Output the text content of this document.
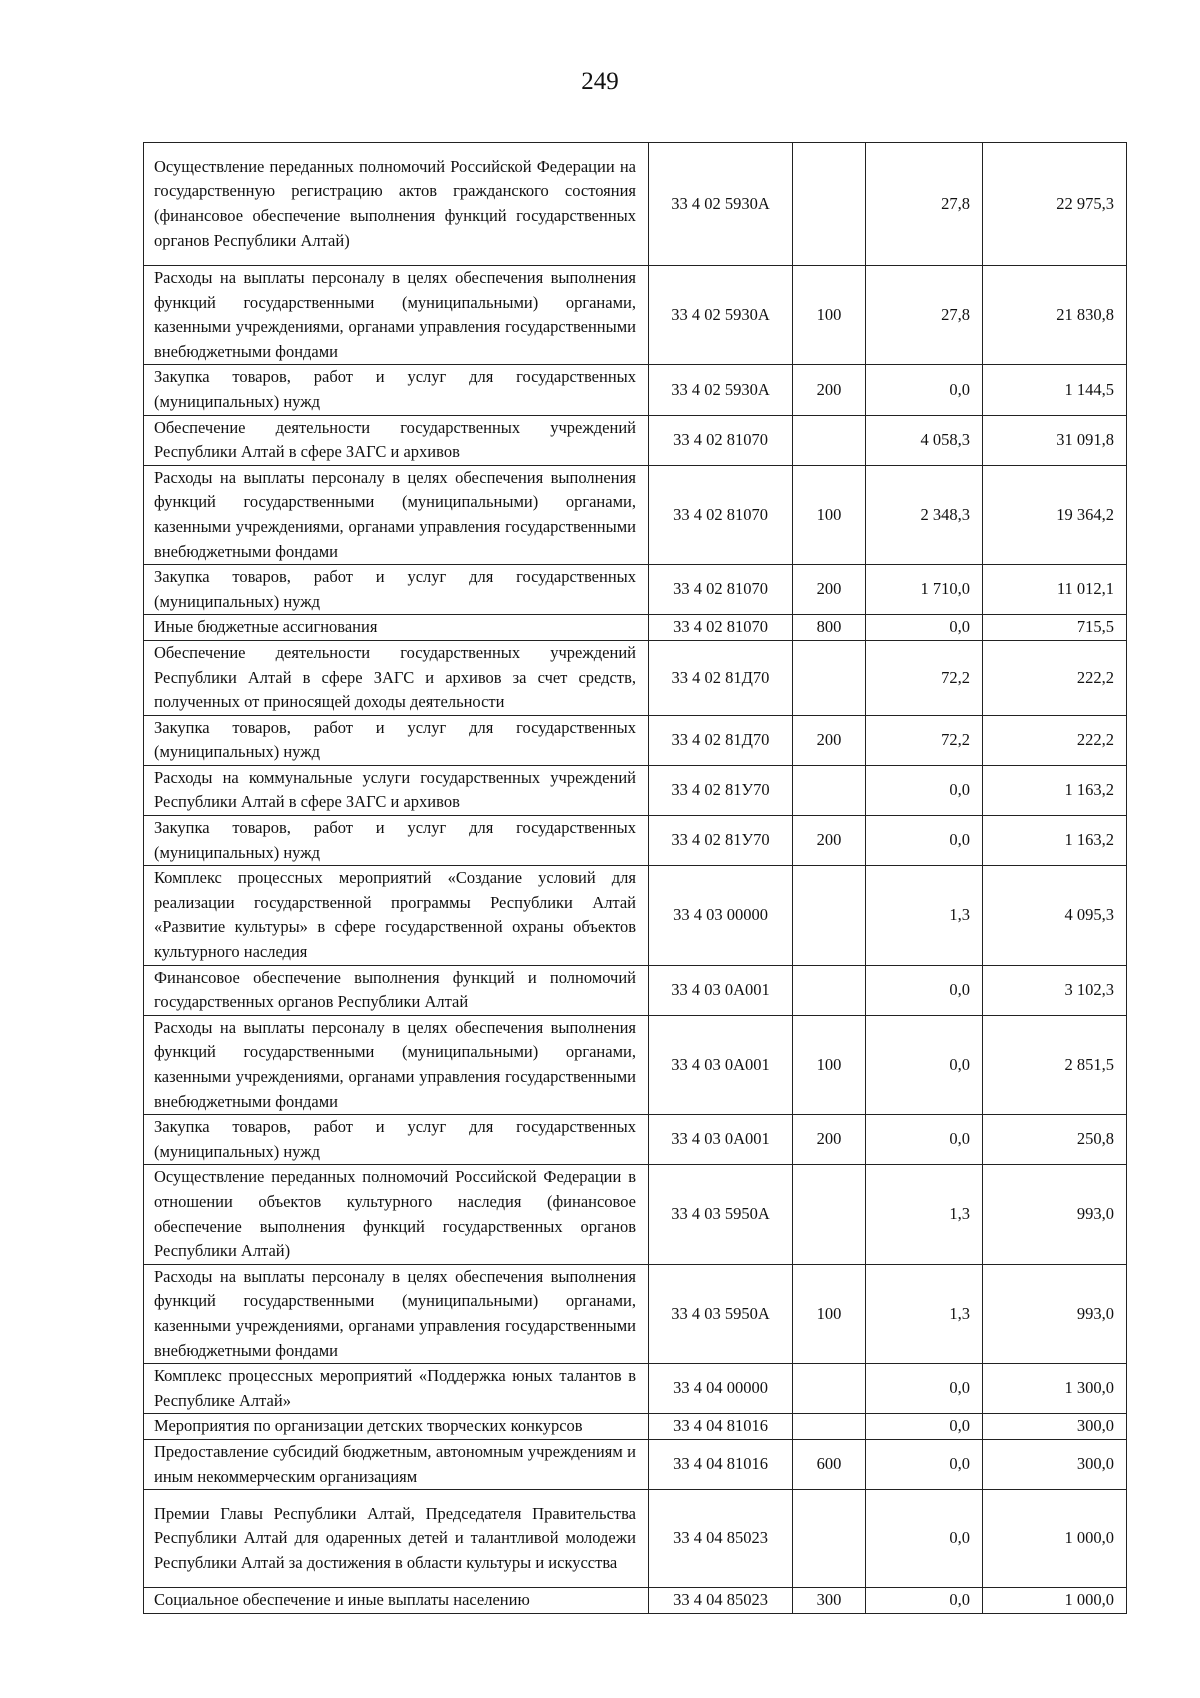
249
Осуществление переданных полномочий Российской Федерации на государственную регистрацию актов гражданского состояния (финансовое обеспечение выполнения функций государственных органов Республики Алтай)	33 4 02 5930А		27,8	22 975,3
Расходы на выплаты персоналу в целях обеспечения выполнения функций государственными (муниципальными) органами, казенными учреждениями, органами управления государственными внебюджетными фондами	33 4 02 5930А	100	27,8	21 830,8
Закупка товаров, работ и услуг для государственных (муниципальных) нужд	33 4 02 5930А	200	0,0	1 144,5
Обеспечение деятельности государственных учреждений Республики Алтай в сфере ЗАГС и архивов	33 4 02 81070		4 058,3	31 091,8
Расходы на выплаты персоналу в целях обеспечения выполнения функций государственными (муниципальными) органами, казенными учреждениями, органами управления государственными внебюджетными фондами	33 4 02 81070	100	2 348,3	19 364,2
Закупка товаров, работ и услуг для государственных (муниципальных) нужд	33 4 02 81070	200	1 710,0	11 012,1
Иные бюджетные ассигнования	33 4 02 81070	800	0,0	715,5
Обеспечение деятельности государственных учреждений Республики Алтай в сфере ЗАГС и архивов за счет средств, полученных от приносящей доходы деятельности	33 4 02 81Д70		72,2	222,2
Закупка товаров, работ и услуг для государственных (муниципальных) нужд	33 4 02 81Д70	200	72,2	222,2
Расходы на коммунальные услуги государственных учреждений Республики Алтай в сфере ЗАГС и архивов	33 4 02 81У70		0,0	1 163,2
Закупка товаров, работ и услуг для государственных (муниципальных) нужд	33 4 02 81У70	200	0,0	1 163,2
Комплекс процессных мероприятий «Создание условий для реализации государственной программы Республики Алтай «Развитие культуры» в сфере государственной охраны объектов культурного наследия	33 4 03 00000		1,3	4 095,3
Финансовое обеспечение выполнения функций и полномочий государственных органов Республики Алтай	33 4 03 0А001		0,0	3 102,3
Расходы на выплаты персоналу в целях обеспечения выполнения функций государственными (муниципальными) органами, казенными учреждениями, органами управления государственными внебюджетными фондами	33 4 03 0А001	100	0,0	2 851,5
Закупка товаров, работ и услуг для государственных (муниципальных) нужд	33 4 03 0А001	200	0,0	250,8
Осуществление переданных полномочий Российской Федерации в отношении объектов культурного наследия (финансовое обеспечение выполнения функций государственных органов Республики Алтай)	33 4 03 5950А		1,3	993,0
Расходы на выплаты персоналу в целях обеспечения выполнения функций государственными (муниципальными) органами, казенными учреждениями, органами управления государственными внебюджетными фондами	33 4 03 5950А	100	1,3	993,0
Комплекс процессных мероприятий «Поддержка юных талантов в Республике Алтай»	33 4 04 00000		0,0	1 300,0
Мероприятия по организации детских творческих конкурсов	33 4 04 81016		0,0	300,0
Предоставление субсидий бюджетным, автономным учреждениям и иным некоммерческим организациям	33 4 04 81016	600	0,0	300,0
Премии Главы Республики Алтай, Председателя Правительства Республики Алтай для одаренных детей и талантливой молодежи Республики Алтай за достижения в области культуры и искусства	33 4 04 85023		0,0	1 000,0
Социальное обеспечение и иные выплаты населению	33 4 04 85023	300	0,0	1 000,0
